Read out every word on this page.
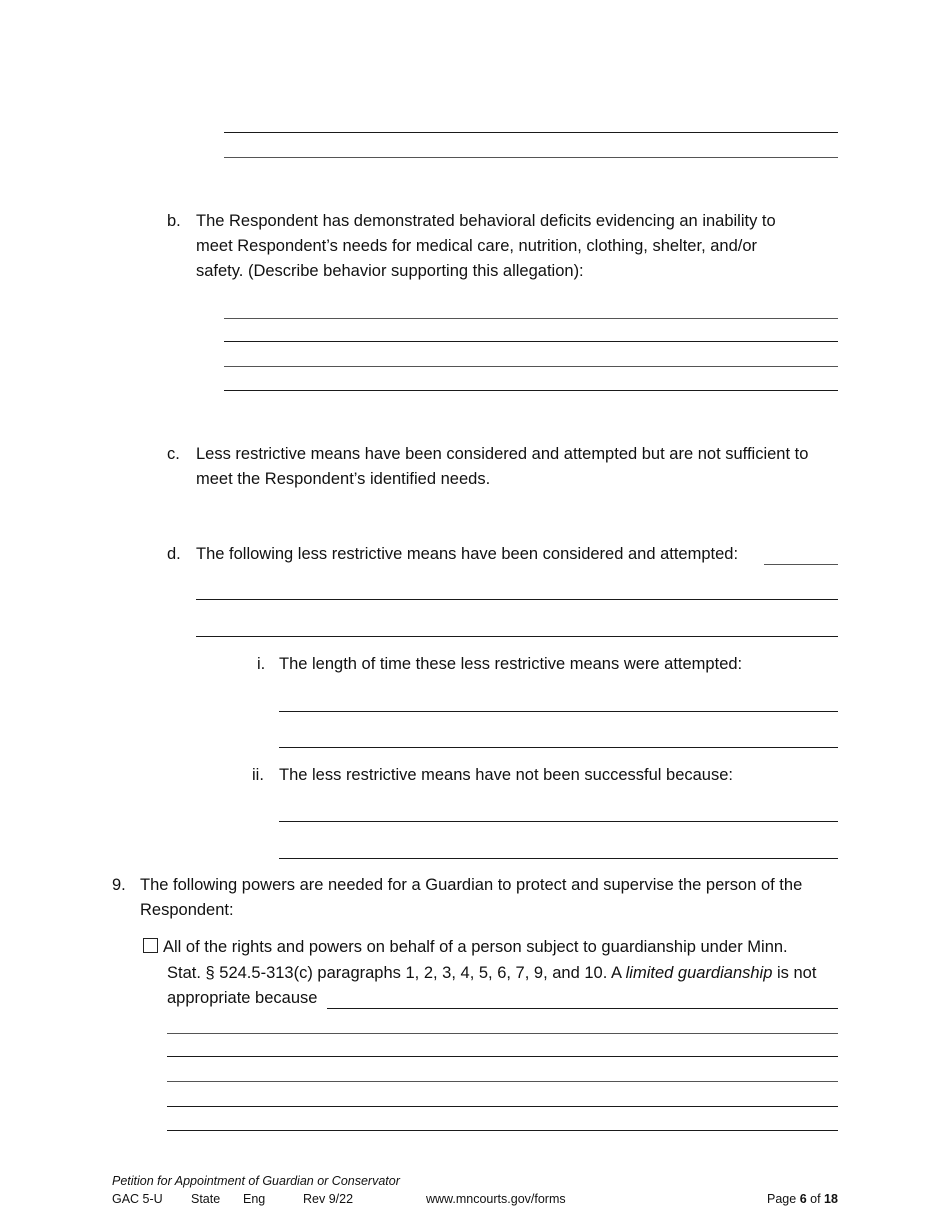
b. The Respondent has demonstrated behavioral deficits evidencing an inability to
meet Respondent’s needs for medical care, nutrition, clothing, shelter, and/or
safety. (Describe behavior supporting this allegation):
c. Less restrictive means have been considered and attempted but are not sufficient to
meet the Respondent’s identified needs.
d. The following less restrictive means have been considered and attempted:
i. The length of time these less restrictive means were attempted:
ii. The less restrictive means have not been successful because:
9. The following powers are needed for a Guardian to protect and supervise the person of the
Respondent:
All of the rights and powers on behalf of a person subject to guardianship under Minn.
Stat. § 524.5-313(c) paragraphs 1, 2, 3, 4, 5, 6, 7, 9, and 10. A limited guardianship is not
appropriate because
Petition for Appointment of Guardian or Conservator
GAC 5-U State Eng	Rev 9/22	www.mncourts.gov/forms	Page 6 of 18
